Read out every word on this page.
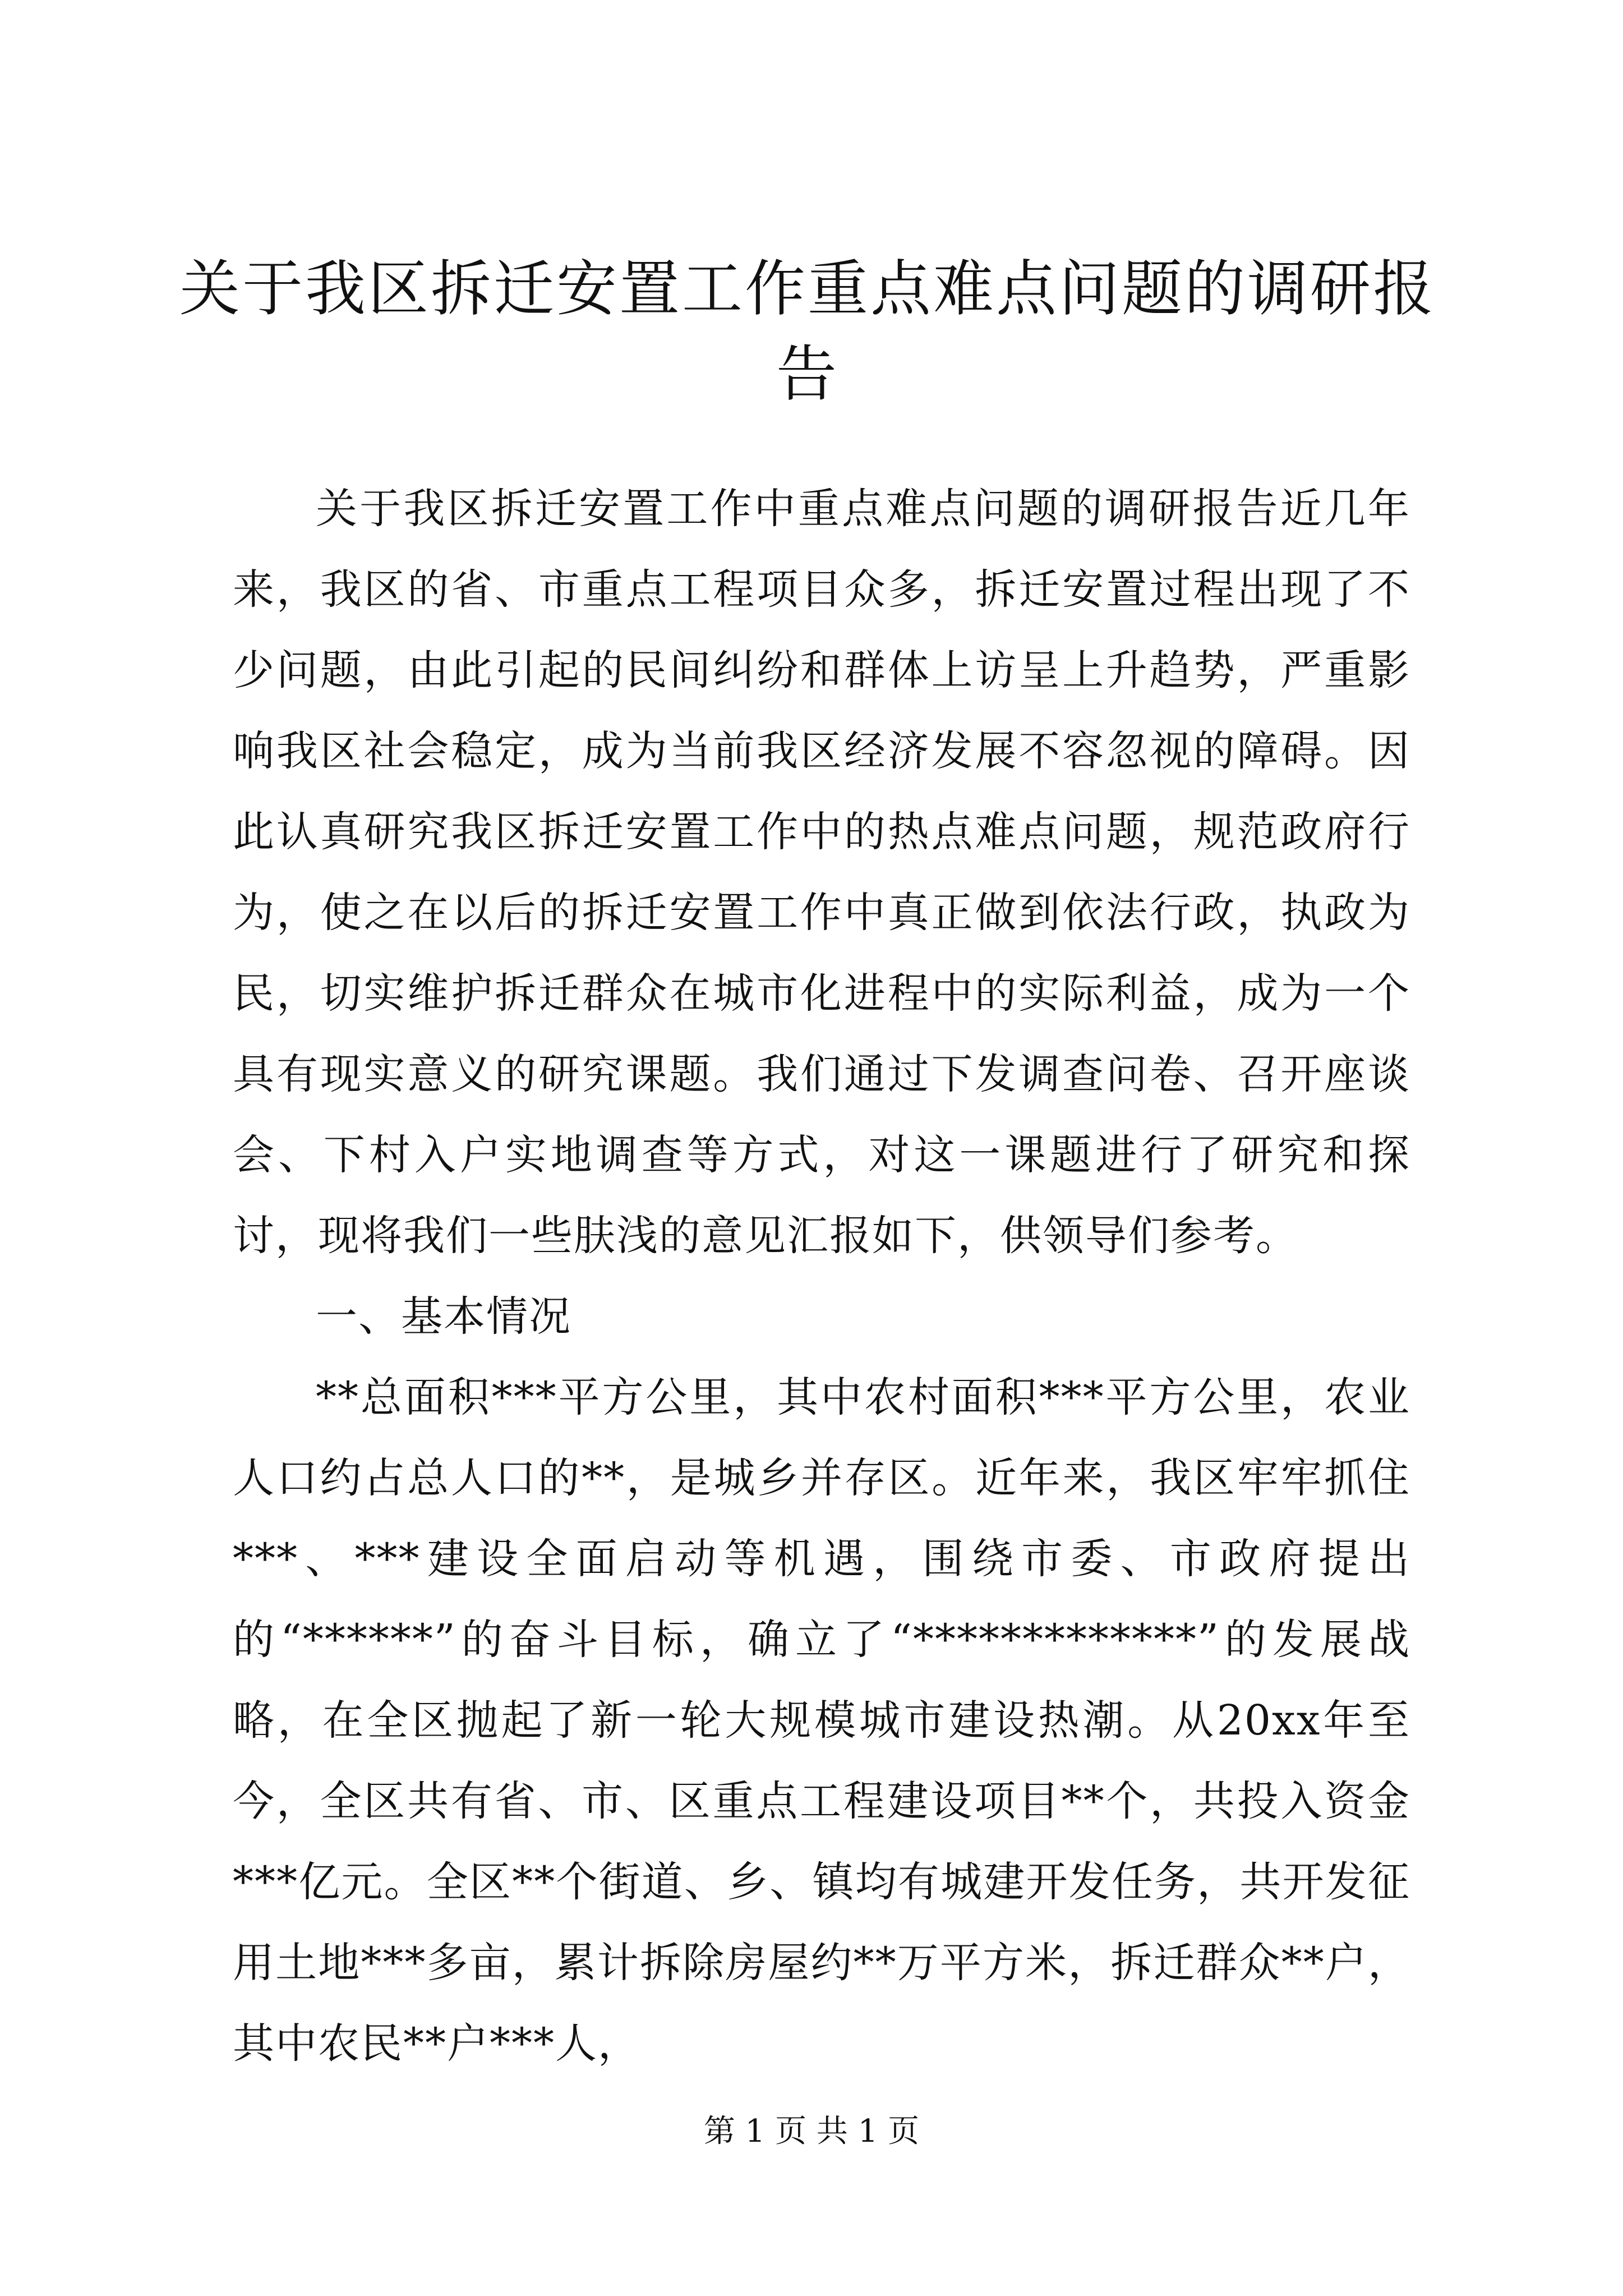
关于我区拆迁安置工作重点难点问题的调研报告

关于我区拆迁安置工作中重点难点问题的调研报告近几年来，我区的省、市重点工程项目众多，拆迁安置过程出现了不少问题，由此引起的民间纠纷和群体上访呈上升趋势，严重影响我区社会稳定，成为当前我区经济发展不容忽视的障碍。因此认真研究我区拆迁安置工作中的热点难点问题，规范政府行为，使之在以后的拆迁安置工作中真正做到依法行政，执政为民，切实维护拆迁群众在城市化进程中的实际利益，成为一个具有现实意义的研究课题。我们通过下发调查问卷、召开座谈会、下村入户实地调查等方式，对这一课题进行了研究和探讨，现将我们一些肤浅的意见汇报如下，供领导们参考。

一、基本情况

**总面积***平方公里，其中农村面积***平方公里，农业人口约占总人口的**，是城乡并存区。近年来，我区牢牢抓住***、***建设全面启动等机遇，围绕市委、市政府提出的“******”的奋斗目标，确立了“*************”的发展战略，在全区抛起了新一轮大规模城市建设热潮。从20xx年至今，全区共有省、市、区重点工程建设项目**个，共投入资金***亿元。全区**个街道、乡、镇均有城建开发任务，共开发征用土地***多亩，累计拆除房屋约**万平方米，拆迁群众**户，其中农民**户***人，

第 1 页 共 1 页
